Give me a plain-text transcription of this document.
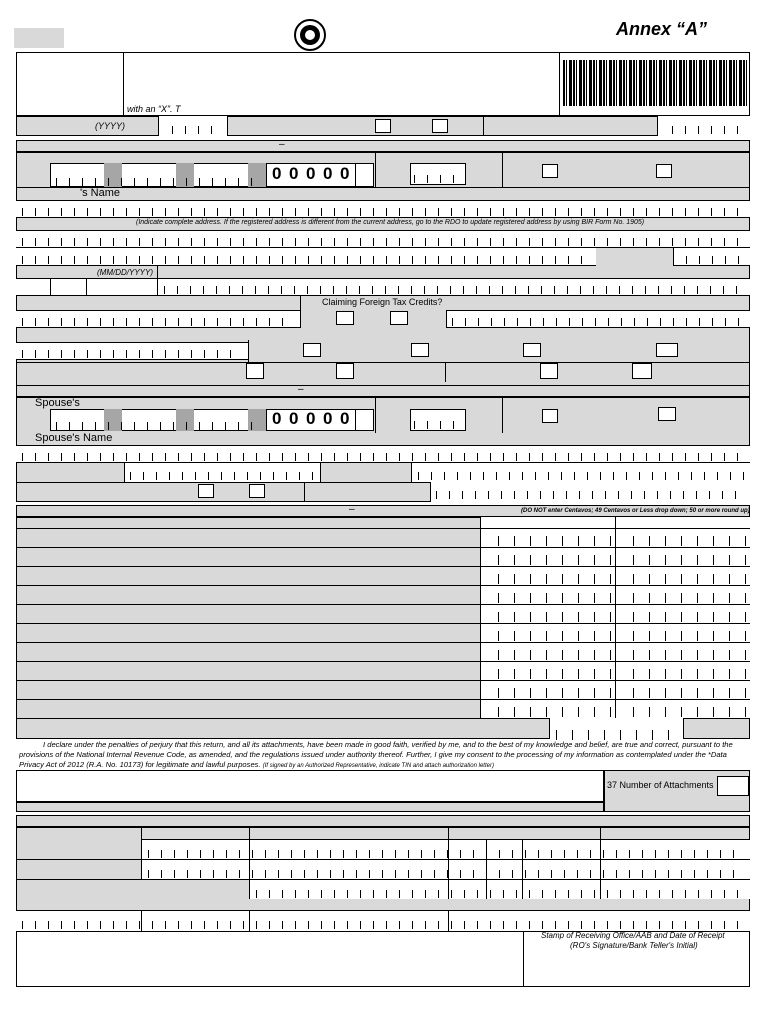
Annex “A”
with an “X”. T
(YYYY)
–
0 0 0 0 0
's Name
(Indicate complete address. If the registered address is different from the current address, go to the RDO to update registered address by using BIR Form No. 1905)
(MM/DD/YYYY)
Claiming Foreign Tax Credits?
–
Spouse's
0 0 0 0 0
Spouse's Name
–	(DO NOT enter Centavos; 49 Centavos or Less drop down; 50 or more round up)
I declare under the penalties of perjury that this return, and all its attachments, have been made in good faith, verified by me, and to the best of my knowledge and belief, are true and correct, pursuant to the provisions of the National Internal Revenue Code, as amended, and the regulations issued under authority thereof. Further, I give my consent to the processing of my information as contemplated under the *Data Privacy Act of 2012 (R.A. No. 10173) for legitimate and lawful purposes. (If signed by an Authorized Representative, indicate TIN and attach authorization letter)
37 Number of Attachments
Stamp of Receiving Office/AAB and Date of Receipt
(RO's Signature/Bank Teller's Initial)
